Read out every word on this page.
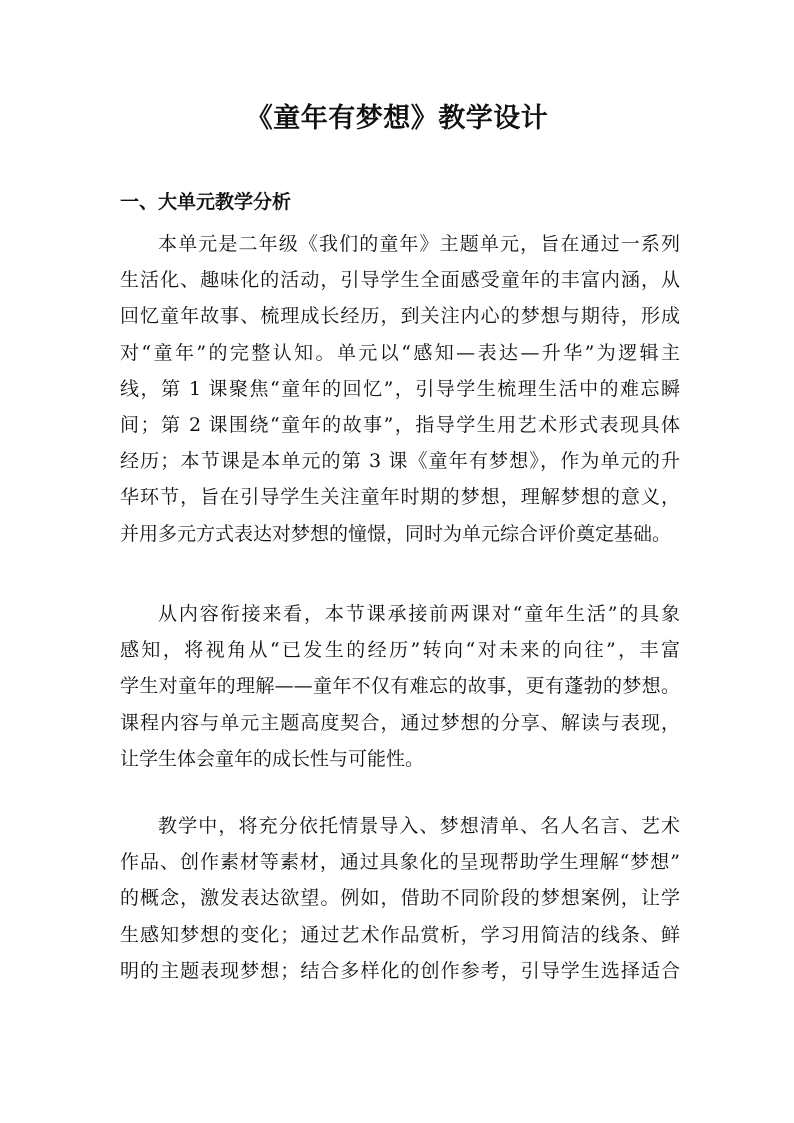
《童年有梦想》教学设计
一、大单元教学分析
本单元是二年级《我们的童年》主题单元，旨在通过一系列
生活化、趣味化的活动，引导学生全面感受童年的丰富内涵，从
回忆童年故事、梳理成长经历，到关注内心的梦想与期待，形成
对“童年”的完整认知。单元以“感知—表达—升华”为逻辑主
线，第 1 课聚焦“童年的回忆”，引导学生梳理生活中的难忘瞬
间；第 2 课围绕“童年的故事”，指导学生用艺术形式表现具体
经历；本节课是本单元的第 3 课《童年有梦想》，作为单元的升
华环节，旨在引导学生关注童年时期的梦想，理解梦想的意义，
并用多元方式表达对梦想的憧憬，同时为单元综合评价奠定基础。
从内容衔接来看，本节课承接前两课对“童年生活”的具象
感知，将视角从“已发生的经历”转向“对未来的向往”，丰富
学生对童年的理解——童年不仅有难忘的故事，更有蓬勃的梦想。
课程内容与单元主题高度契合，通过梦想的分享、解读与表现，
让学生体会童年的成长性与可能性。
教学中，将充分依托情景导入、梦想清单、名人名言、艺术
作品、创作素材等素材，通过具象化的呈现帮助学生理解“梦想”
的概念，激发表达欲望。例如，借助不同阶段的梦想案例，让学
生感知梦想的变化；通过艺术作品赏析，学习用简洁的线条、鲜
明的主题表现梦想；结合多样化的创作参考，引导学生选择适合
